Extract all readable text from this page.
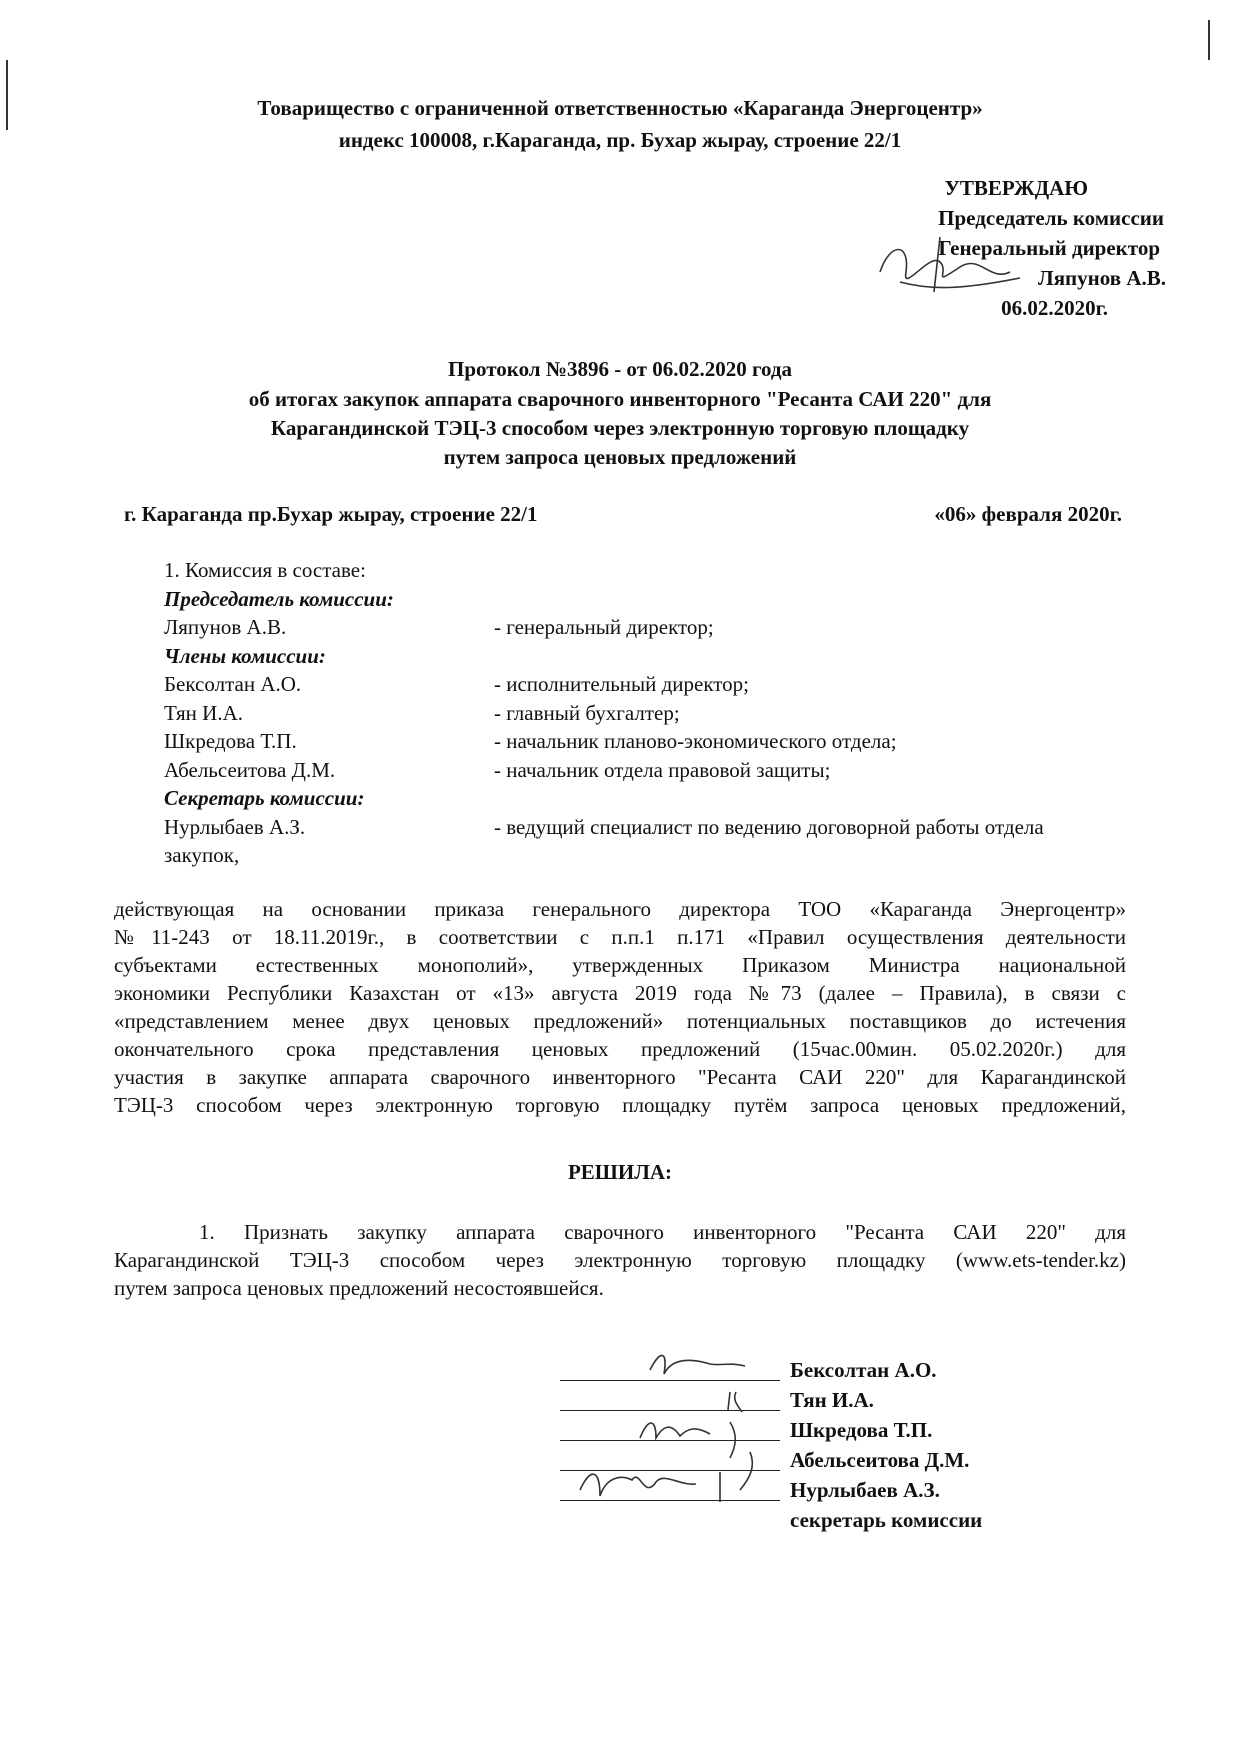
Товарищество с ограниченной ответственностью «Караганда Энергоцентр»
индекс 100008, г.Караганда, пр. Бухар жырау, строение 22/1
УТВЕРЖДАЮ
Председатель комиссии
Генеральный директор
Ляпунов А.В.
06.02.2020г.
Протокол №3896 - от 06.02.2020 года
об итогах закупок аппарата сварочного инвенторного "Ресанта САИ 220" для
Карагандинской ТЭЦ-3 способом через электронную торговую площадку
путем запроса ценовых предложений
г. Караганда пр.Бухар жырау, строение 22/1	«06» февраля 2020г.
1. Комиссия в составе:
Председатель комиссии:
Ляпунов А.В.	- генеральный директор;
Члены комиссии:
Бексолтан А.О.	- исполнительный директор;
Тян И.А.	- главный бухгалтер;
Шкредова Т.П.	- начальник планово-экономического отдела;
Абельсеитова Д.М.	- начальник отдела правовой защиты;
Секретарь комиссии:
Нурлыбаев А.З.	- ведущий специалист по ведению договорной работы отдела
закупок,
действующая на основании приказа генерального директора ТОО «Караганда Энергоцентр»
№11-243 от 18.11.2019г., в соответствии с п.п.1 п.171 «Правил осуществления деятельности
субъектами естественных монополий», утвержденных Приказом Министра национальной
экономики Республики Казахстан от «13» августа 2019 года №73 (далее – Правила), в связи с
«представлением менее двух ценовых предложений» потенциальных поставщиков до истечения
окончательного срока представления ценовых предложений (15час.00мин. 05.02.2020г.) для
участия в закупке аппарата сварочного инвенторного "Ресанта САИ 220" для Карагандинской
ТЭЦ-3 способом через электронную торговую площадку путём запроса ценовых предложений,
РЕШИЛА:
1. Признать закупку аппарата сварочного инвенторного "Ресанта САИ 220" для
Карагандинской ТЭЦ-3 способом через электронную торговую площадку (www.ets-tender.kz)
путем запроса ценовых предложений несостоявшейся.
Бексолтан А.О.
Тян И.А.
Шкредова Т.П.
Абельсеитова Д.М.
Нурлыбаев А.З.
секретарь комиссии
